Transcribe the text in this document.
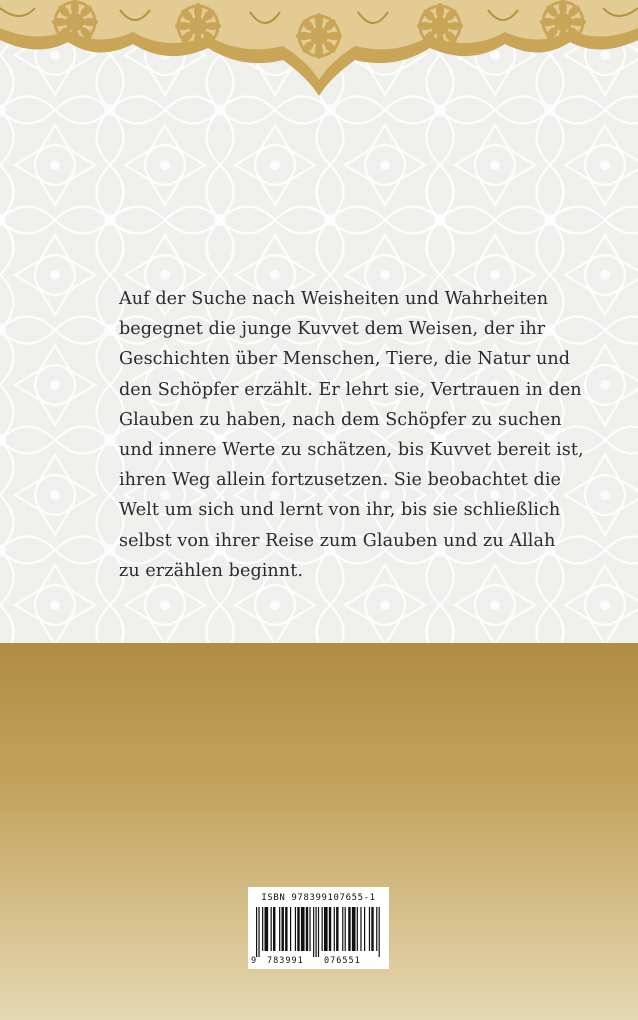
Auf der Suche nach Weisheiten und Wahrheiten
begegnet die junge Kuvvet dem Weisen, der ihr
Geschichten über Menschen, Tiere, die Natur und
den Schöpfer erzählt. Er lehrt sie, Vertrauen in den
Glauben zu haben, nach dem Schöpfer zu suchen
und innere Werte zu schätzen, bis Kuvvet bereit ist,
ihren Weg allein fortzusetzen. Sie beobachtet die
Welt um sich und lernt von ihr, bis sie schließlich
selbst von ihrer Reise zum Glauben und zu Allah
zu erzählen beginnt.

ISBN 978399107655-1
9 783991 076551
